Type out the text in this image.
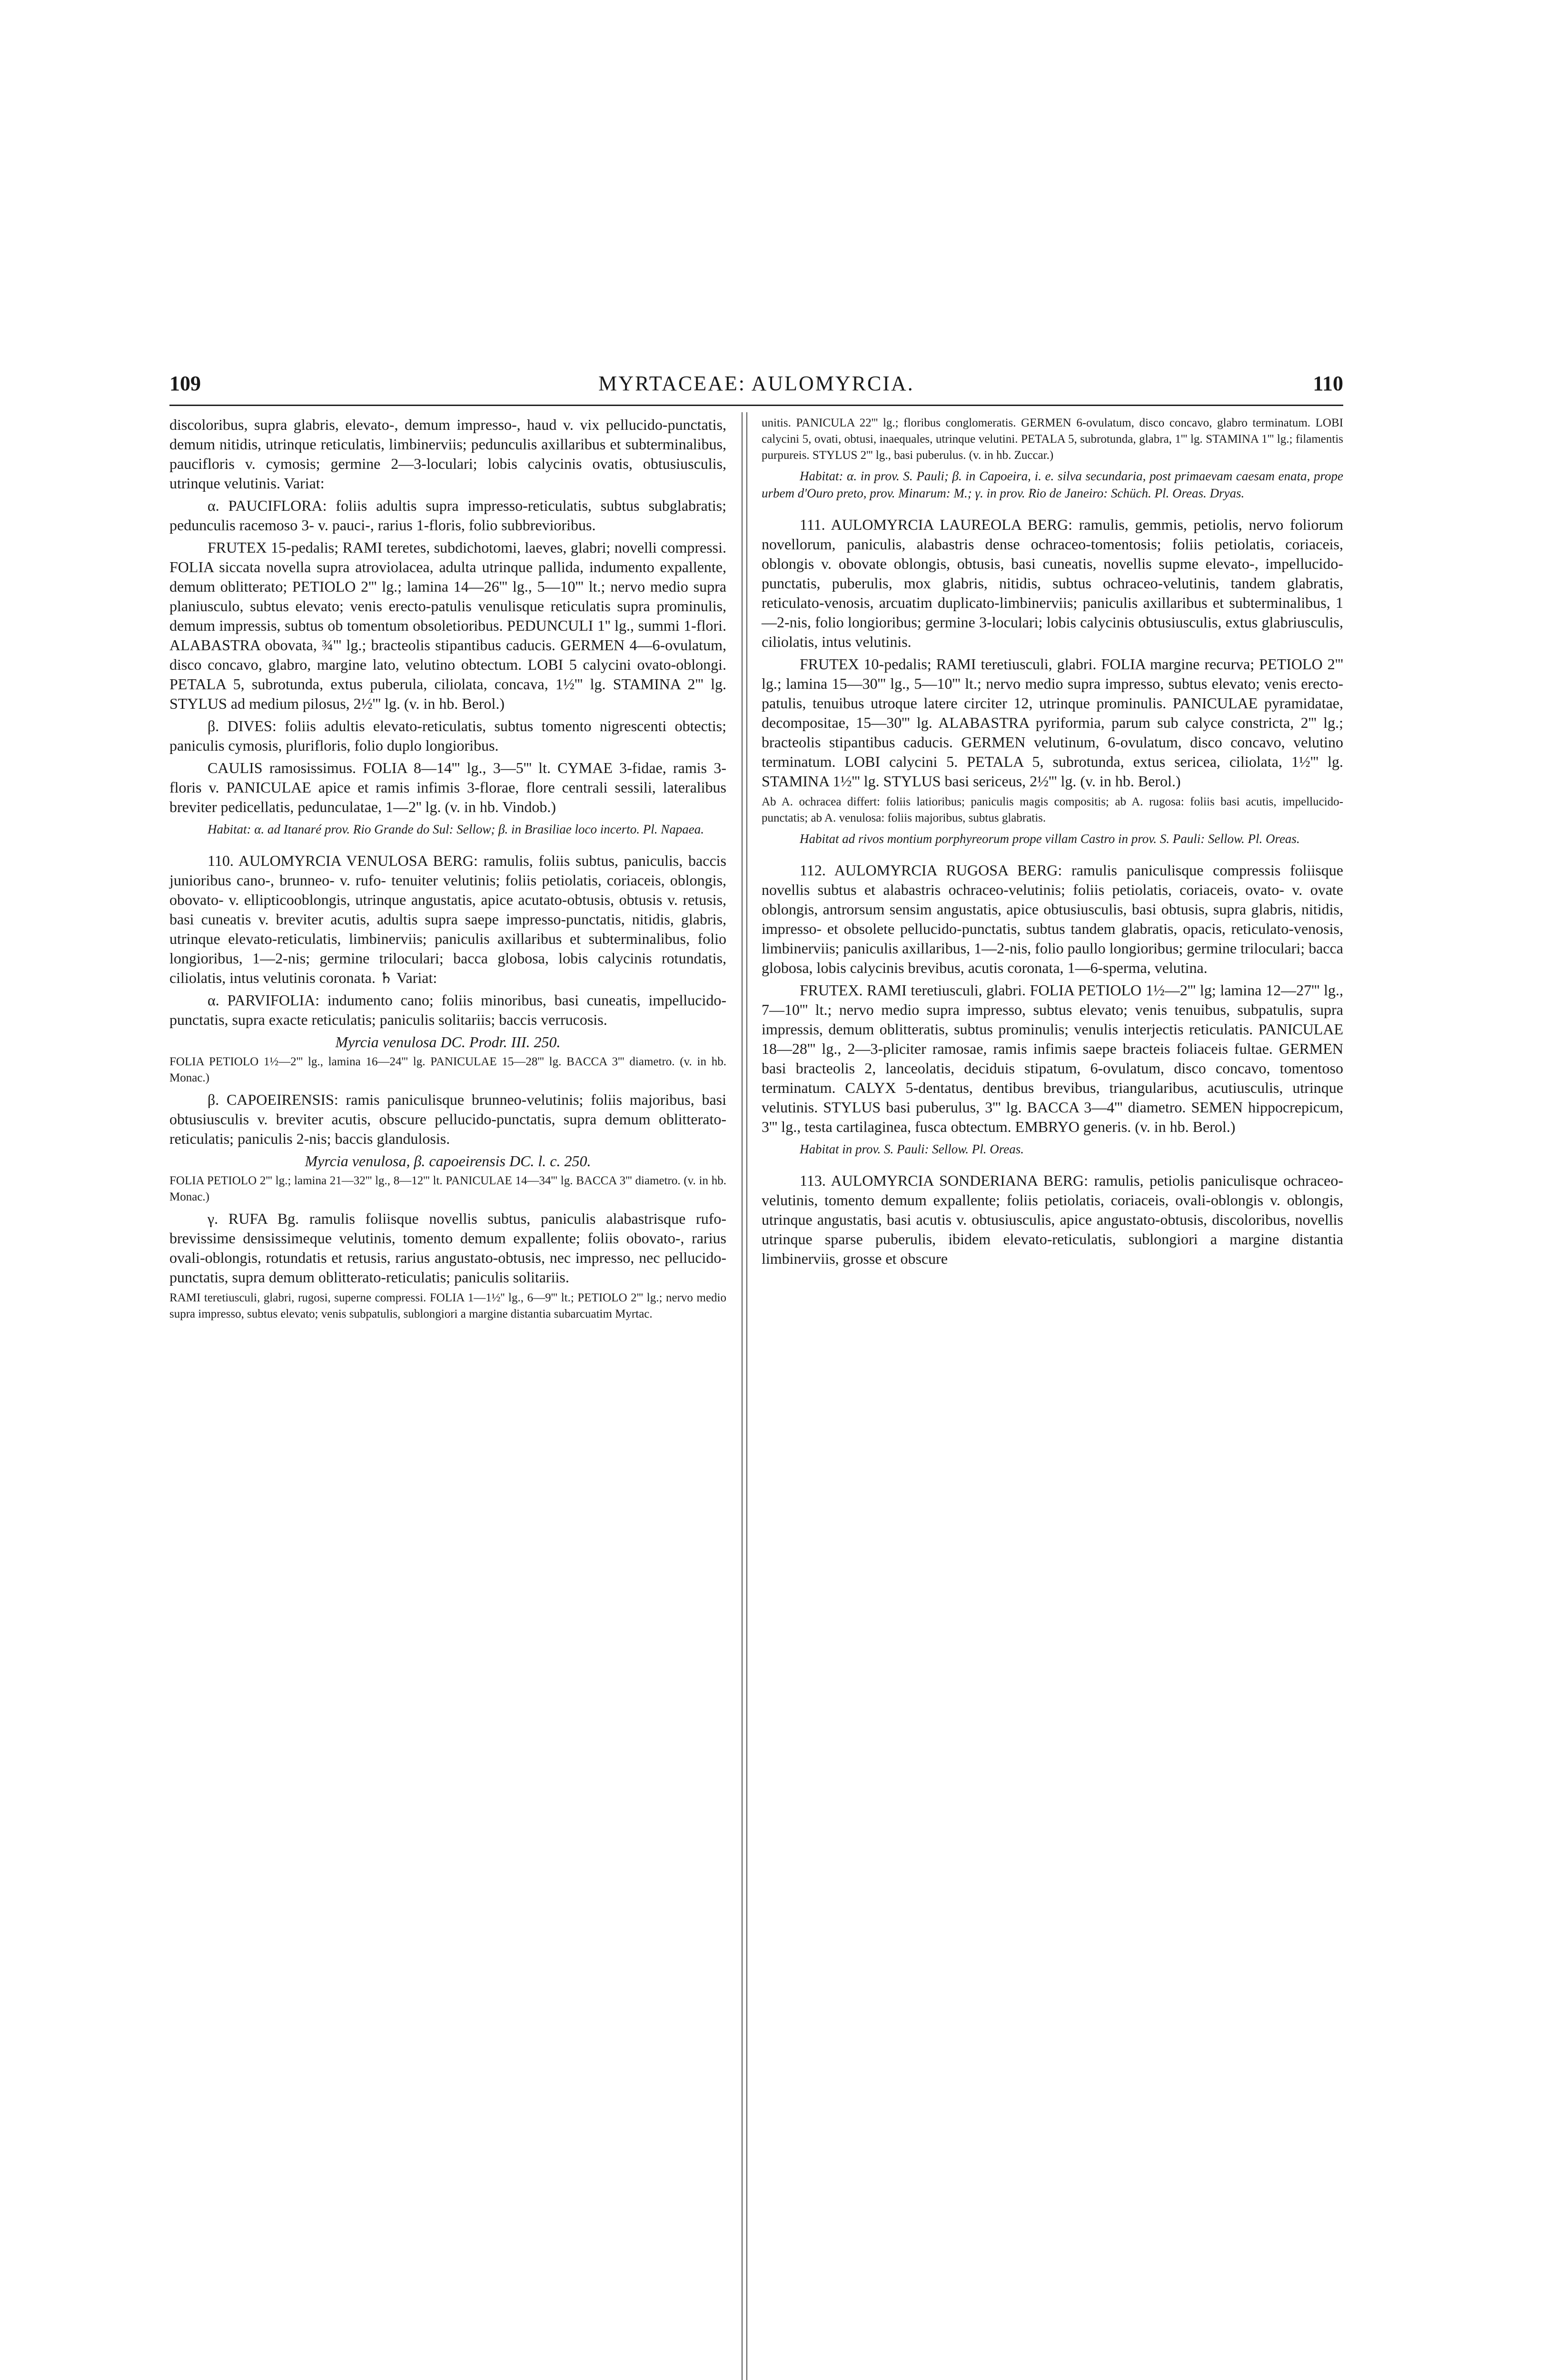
109	MYRTACEAE: AULOMYRCIA.	110

discoloribus, supra glabris, elevato-, demum impresso-, haud v. vix pellucido-punctatis, demum nitidis, utrinque reticulatis, limbinerviis; pedunculis axillaribus et subterminalibus, paucifloris v. cymosis; germine 2—3-loculari; lobis calycinis ovatis, obtusiusculis, utrinque velutinis. Variat:

α. PAUCIFLORA: foliis adultis supra impresso-reticulatis, subtus subglabratis; pedunculis racemoso 3- v. pauci-, rarius 1-floris, folio subbrevioribus.

FRUTEX 15-pedalis; RAMI teretes, subdichotomi, laeves, glabri; novelli compressi. FOLIA siccata novella supra atroviolacea, adulta utrinque pallida, indumento expallente, demum oblitterato; PETIOLO 2''' lg.; lamina 14—26''' lg., 5—10''' lt.; nervo medio supra planiusculo, subtus elevato; venis erecto-patulis venulisque reticulatis supra prominulis, demum impressis, subtus ob tomentum obsoletioribus. PEDUNCULI 1'' lg., summi 1-flori. ALABASTRA obovata, ¾''' lg.; bracteolis stipantibus caducis. GERMEN 4—6-ovulatum, disco concavo, glabro, margine lato, velutino obtectum. LOBI 5 calycini ovato-oblongi. PETALA 5, subrotunda, extus puberula, ciliolata, concava, 1½''' lg. STAMINA 2''' lg. STYLUS ad medium pilosus, 2½''' lg. (v. in hb. Berol.)

β. DIVES: foliis adultis elevato-reticulatis, subtus tomento nigrescenti obtectis; paniculis cymosis, plurifloris, folio duplo longioribus.

CAULIS ramosissimus. FOLIA 8—14''' lg., 3—5''' lt. CYMAE 3-fidae, ramis 3-floris v. PANICULAE apice et ramis infimis 3-florae, flore centrali sessili, lateralibus breviter pedicellatis, pedunculatae, 1—2'' lg. (v. in hb. Vindob.)

Habitat: α. ad Itanaré prov. Rio Grande do Sul: Sellow; β. in Brasiliae loco incerto. Pl. Napaea.

110. AULOMYRCIA VENULOSA BERG: ramulis, foliis subtus, paniculis, baccis junioribus cano-, brunneo- v. rufo- tenuiter velutinis; foliis petiolatis, coriaceis, oblongis, obovato- v. ellipticooblongis, utrinque angustatis, apice acutato-obtusis, obtusis v. retusis, basi cuneatis v. breviter acutis, adultis supra saepe impresso-punctatis, nitidis, glabris, utrinque elevato-reticulatis, limbinerviis; paniculis axillaribus et subterminalibus, folio longioribus, 1—2-nis; germine triloculari; bacca globosa, lobis calycinis rotundatis, ciliolatis, intus velutinis coronata. ♄ Variat:

α. PARVIFOLIA: indumento cano; foliis minoribus, basi cuneatis, impellucido-punctatis, supra exacte reticulatis; paniculis solitariis; baccis verrucosis.

Myrcia venulosa DC. Prodr. III. 250.

FOLIA PETIOLO 1½—2''' lg., lamina 16—24''' lg. PANICULAE 15—28''' lg. BACCA 3''' diametro. (v. in hb. Monac.)

β. CAPOEIRENSIS: ramis paniculisque brunneo-velutinis; foliis majoribus, basi obtusiusculis v. breviter acutis, obscure pellucido-punctatis, supra demum oblitterato-reticulatis; paniculis 2-nis; baccis glandulosis.

Myrcia venulosa, β. capoeirensis DC. l. c. 250.

FOLIA PETIOLO 2''' lg.; lamina 21—32''' lg., 8—12''' lt. PANICULAE 14—34''' lg. BACCA 3''' diametro. (v. in hb. Monac.)

γ. RUFA Bg. ramulis foliisque novellis subtus, paniculis alabastrisque rufo- brevissime densissimeque velutinis, tomento demum expallente; foliis obovato-, rarius ovali-oblongis, rotundatis et retusis, rarius angustato-obtusis, nec impresso, nec pellucido-punctatis, supra demum oblitterato-reticulatis; paniculis solitariis.

RAMI teretiusculi, glabri, rugosi, superne compressi. FOLIA 1—1½'' lg., 6—9''' lt.; PETIOLO 2''' lg.; nervo medio supra impresso, subtus elevato; venis subpatulis, sublongiori a margine distantia subarcuatim Myrtac.

unitis. PANICULA 22''' lg.; floribus conglomeratis. GERMEN 6-ovulatum, disco concavo, glabro terminatum. LOBI calycini 5, ovati, obtusi, inaequales, utrinque velutini. PETALA 5, subrotunda, glabra, 1''' lg. STAMINA 1''' lg.; filamentis purpureis. STYLUS 2''' lg., basi puberulus. (v. in hb. Zuccar.)

Habitat: α. in prov. S. Pauli; β. in Capoeira, i. e. silva secundaria, post primaevam caesam enata, prope urbem d'Ouro preto, prov. Minarum: M.; γ. in prov. Rio de Janeiro: Schüch. Pl. Oreas. Dryas.

111. AULOMYRCIA LAUREOLA BERG: ramulis, gemmis, petiolis, nervo foliorum novellorum, paniculis, alabastris dense ochraceo-tomentosis; foliis petiolatis, coriaceis, oblongis v. obovate oblongis, obtusis, basi cuneatis, novellis supme elevato-, impellucido-punctatis, puberulis, mox glabris, nitidis, subtus ochraceo-velutinis, tandem glabratis, reticulato-venosis, arcuatim duplicato-limbinerviis; paniculis axillaribus et subterminalibus, 1—2-nis, folio longioribus; germine 3-loculari; lobis calycinis obtusiusculis, extus glabriusculis, ciliolatis, intus velutinis.

FRUTEX 10-pedalis; RAMI teretiusculi, glabri. FOLIA margine recurva; PETIOLO 2''' lg.; lamina 15—30''' lg., 5—10''' lt.; nervo medio supra impresso, subtus elevato; venis erecto-patulis, tenuibus utroque latere circiter 12, utrinque prominulis. PANICULAE pyramidatae, decompositae, 15—30''' lg. ALABASTRA pyriformia, parum sub calyce constricta, 2''' lg.; bracteolis stipantibus caducis. GERMEN velutinum, 6-ovulatum, disco concavo, velutino terminatum. LOBI calycini 5. PETALA 5, subrotunda, extus sericea, ciliolata, 1½''' lg. STAMINA 1½''' lg. STYLUS basi sericeus, 2½''' lg. (v. in hb. Berol.)

Ab A. ochracea differt: foliis latioribus; paniculis magis compositis; ab A. rugosa: foliis basi acutis, impellucido-punctatis; ab A. venulosa: foliis majoribus, subtus glabratis.

Habitat ad rivos montium porphyreorum prope villam Castro in prov. S. Pauli: Sellow. Pl. Oreas.

112. AULOMYRCIA RUGOSA BERG: ramulis paniculisque compressis foliisque novellis subtus et alabastris ochraceo-velutinis; foliis petiolatis, coriaceis, ovato- v. ovate oblongis, antrorsum sensim angustatis, apice obtusiusculis, basi obtusis, supra glabris, nitidis, impresso- et obsolete pellucido-punctatis, subtus tandem glabratis, opacis, reticulato-venosis, limbinerviis; paniculis axillaribus, 1—2-nis, folio paullo longioribus; germine triloculari; bacca globosa, lobis calycinis brevibus, acutis coronata, 1—6-sperma, velutina.

FRUTEX. RAMI teretiusculi, glabri. FOLIA PETIOLO 1½—2''' lg; lamina 12—27''' lg., 7—10''' lt.; nervo medio supra impresso, subtus elevato; venis tenuibus, subpatulis, supra impressis, demum oblitteratis, subtus prominulis; venulis interjectis reticulatis. PANICULAE 18—28''' lg., 2—3-pliciter ramosae, ramis infimis saepe bracteis foliaceis fultae. GERMEN basi bracteolis 2, lanceolatis, deciduis stipatum, 6-ovulatum, disco concavo, tomentoso terminatum. CALYX 5-dentatus, dentibus brevibus, triangularibus, acutiusculis, utrinque velutinis. STYLUS basi puberulus, 3''' lg. BACCA 3—4''' diametro. SEMEN hippocrepicum, 3''' lg., testa cartilaginea, fusca obtectum. EMBRYO generis. (v. in hb. Berol.)

Habitat in prov. S. Pauli: Sellow. Pl. Oreas.

113. AULOMYRCIA SONDERIANA BERG: ramulis, petiolis paniculisque ochraceo-velutinis, tomento demum expallente; foliis petiolatis, coriaceis, ovali-oblongis v. oblongis, utrinque angustatis, basi acutis v. obtusiusculis, apice angustato-obtusis, discoloribus, novellis utrinque sparse puberulis, ibidem elevato-reticulatis, sublongiori a margine distantia limbinerviis, grosse et obscure
